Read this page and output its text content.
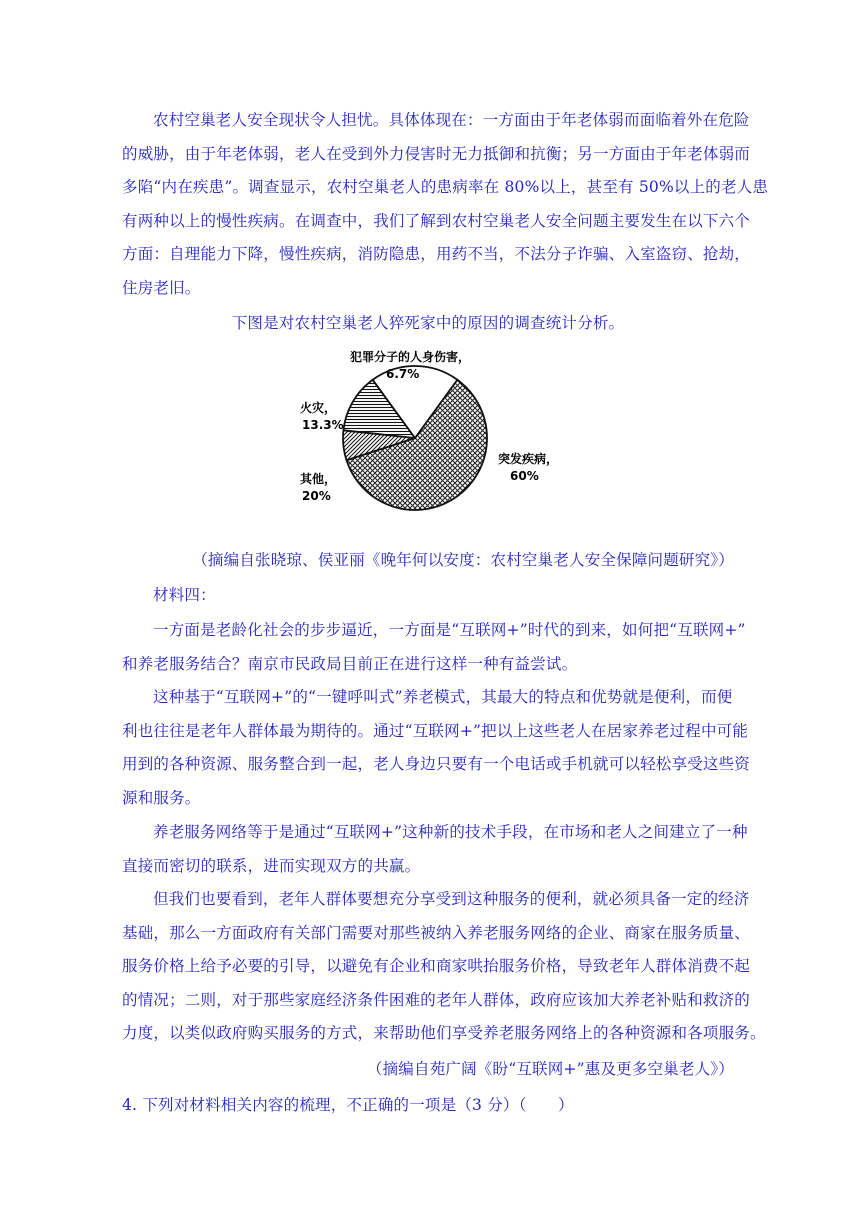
农村空巢老人安全现状令人担忧。具体体现在：一方面由于年老体弱而面临着外在危险
的威胁，由于年老体弱，老人在受到外力侵害时无力抵御和抗衡；另一方面由于年老体弱而
多陷“内在疾患”。调查显示，农村空巢老人的患病率在 80%以上，甚至有 50%以上的老人患
有两种以上的慢性疾病。在调查中，我们了解到农村空巢老人安全问题主要发生在以下六个
方面：自理能力下降，慢性疾病，消防隐患，用药不当，不法分子诈骗、入室盗窃、抢劫，
住房老旧。
下图是对农村空巢老人猝死家中的原因的调查统计分析。
突发疾病，
60%
犯罪分子的人身伤害，
6.7%
火灾，
13.3%
其他，
20%
（摘编自张晓琼、侯亚丽《晚年何以安度：农村空巢老人安全保障问题研究》）
材料四：
一方面是老龄化社会的步步逼近，一方面是“互联网+”时代的到来，如何把“互联网+”
和养老服务结合？南京市民政局目前正在进行这样一种有益尝试。
这种基于“互联网+”的“一键呼叫式”养老模式，其最大的特点和优势就是便利，而便
利也往往是老年人群体最为期待的。通过“互联网+”把以上这些老人在居家养老过程中可能
用到的各种资源、服务整合到一起，老人身边只要有一个电话或手机就可以轻松享受这些资
源和服务。
养老服务网络等于是通过“互联网+”这种新的技术手段，在市场和老人之间建立了一种
直接而密切的联系，进而实现双方的共赢。
但我们也要看到，老年人群体要想充分享受到这种服务的便利，就必须具备一定的经济
基础，那么一方面政府有关部门需要对那些被纳入养老服务网络的企业、商家在服务质量、
服务价格上给予必要的引导，以避免有企业和商家哄抬服务价格，导致老年人群体消费不起
的情况；二则，对于那些家庭经济条件困难的老年人群体，政府应该加大养老补贴和救济的
力度，以类似政府购买服务的方式，来帮助他们享受养老服务网络上的各种资源和各项服务。
（摘编自苑广阔《盼“互联网+”惠及更多空巢老人》）
4. 下列对材料相关内容的梳理，不正确的一项是（3 分）（　　）
